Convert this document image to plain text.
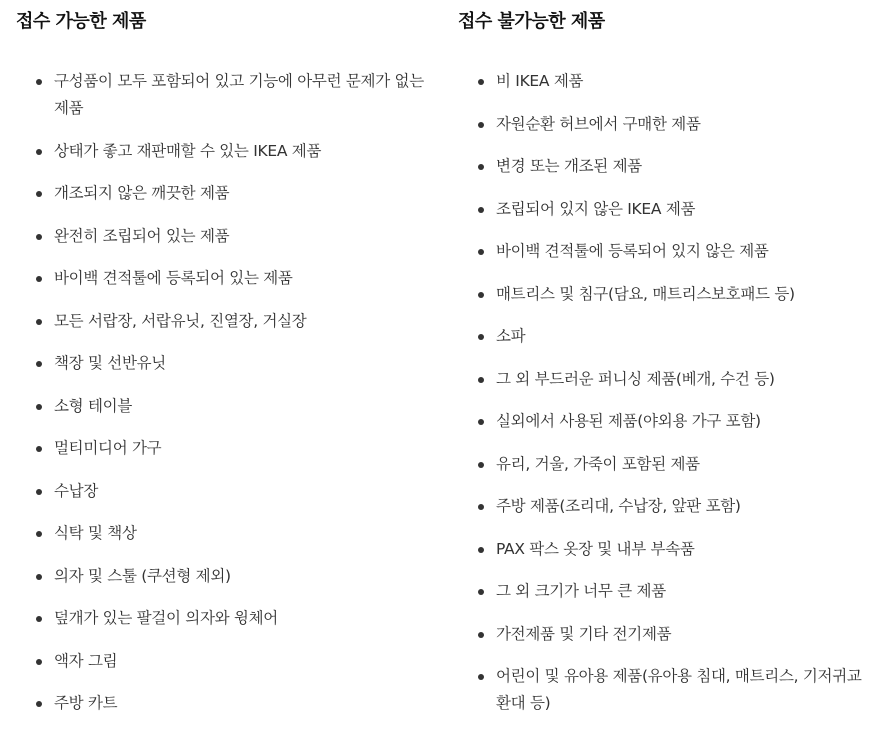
접수 가능한 제품
구성품이 모두 포함되어 있고 기능에 아무런 문제가 없는 제품
상태가 좋고 재판매할 수 있는 IKEA 제품
개조되지 않은 깨끗한 제품
완전히 조립되어 있는 제품
바이백 견적툴에 등록되어 있는 제품
모든 서랍장, 서랍유닛, 진열장, 거실장
책장 및 선반유닛
소형 테이블
멀티미디어 가구
수납장
식탁 및 책상
의자 및 스툴 (쿠션형 제외)
덮개가 있는 팔걸이 의자와 윙체어
액자 그림
주방 카트
접수 불가능한 제품
비 IKEA 제품
자원순환 허브에서 구매한 제품
변경 또는 개조된 제품
조립되어 있지 않은 IKEA 제품
바이백 견적툴에 등록되어 있지 않은 제품
매트리스 및 침구(담요, 매트리스보호패드 등)
소파
그 외 부드러운 퍼니싱 제품(베개, 수건 등)
실외에서 사용된 제품(야외용 가구 포함)
유리, 거울, 가죽이 포함된 제품
주방 제품(조리대, 수납장, 앞판 포함)
PAX 팍스 옷장 및 내부 부속품
그 외 크기가 너무 큰 제품
가전제품 및 기타 전기제품
어린이 및 유아용 제품(유아용 침대, 매트리스, 기저귀교환대 등)
